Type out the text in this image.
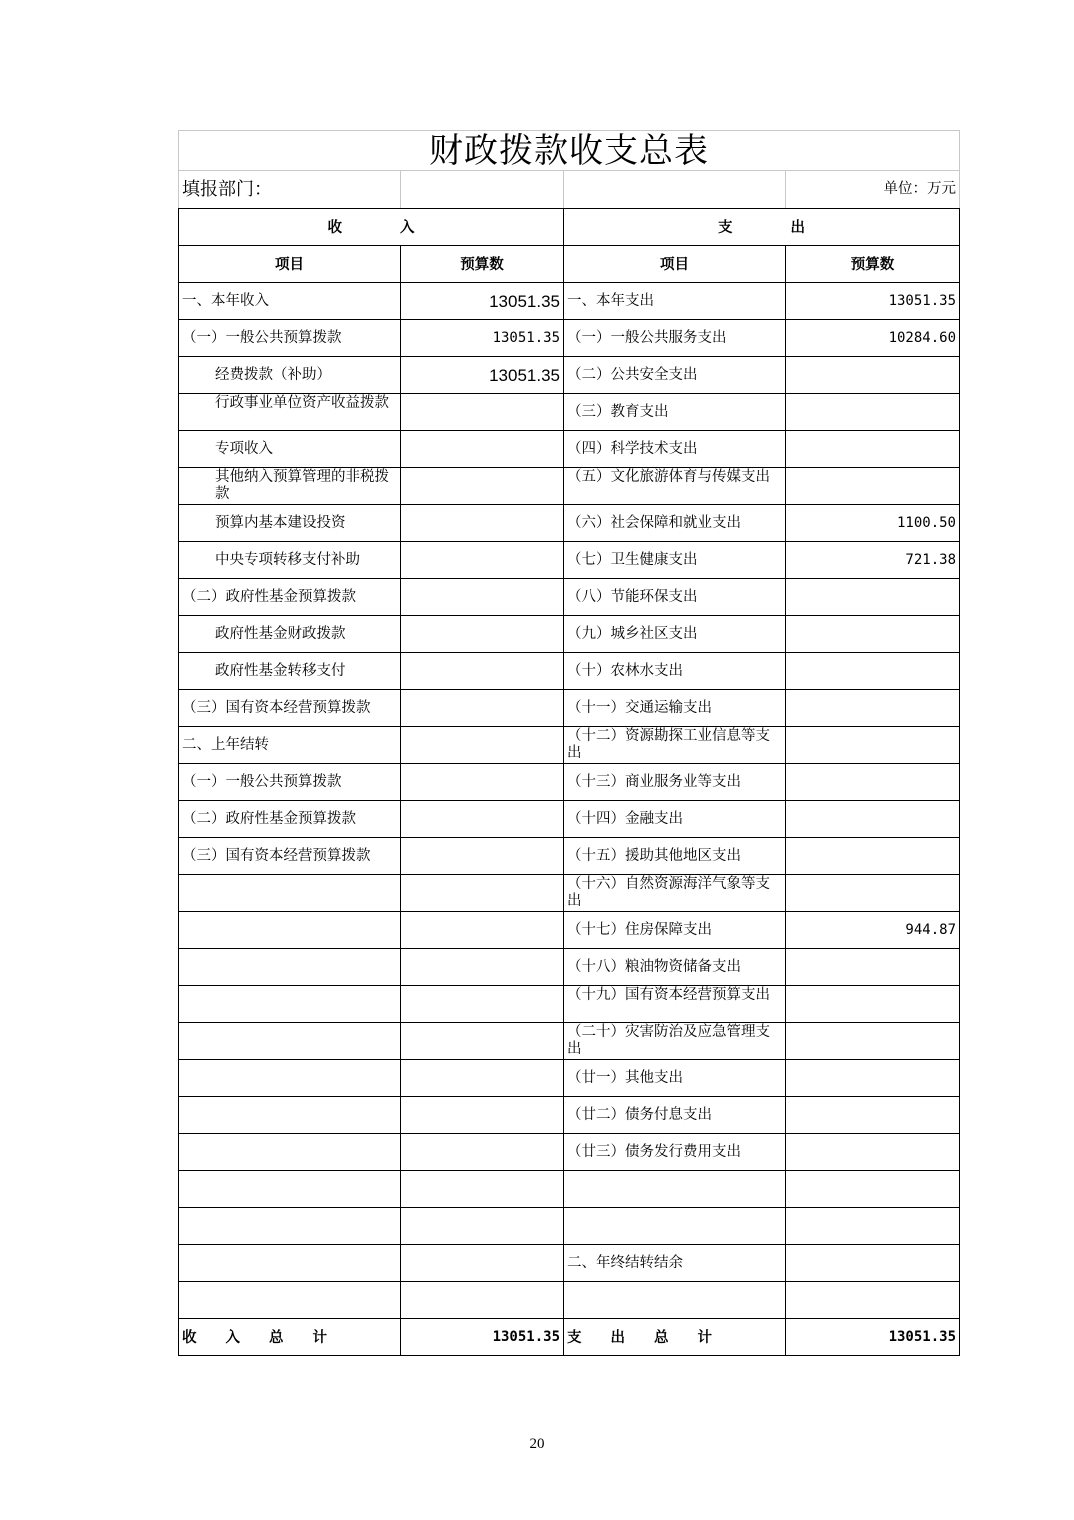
财政拨款收支总表			
填报部门：			单位：万元
收　　　　入		支　　　　出	
项目	预算数	项目	预算数
一、本年收入	13051.35	一、本年支出	13051.35
（一）一般公共预算拨款	13051.35	（一）一般公共服务支出	10284.60
经费拨款（补助）	13051.35	（二）公共安全支出	
行政事业单位资产收益拨款		（三）教育支出	
专项收入		（四）科学技术支出	
其他纳入预算管理的非税拨款		（五）文化旅游体育与传媒支出	
预算内基本建设投资		（六）社会保障和就业支出	1100.50
中央专项转移支付补助		（七）卫生健康支出	721.38
（二）政府性基金预算拨款		（八）节能环保支出	
政府性基金财政拨款		（九）城乡社区支出	
政府性基金转移支付		（十）农林水支出	
（三）国有资本经营预算拨款		（十一）交通运输支出	
二、上年结转		（十二）资源勘探工业信息等支出	
（一）一般公共预算拨款		（十三）商业服务业等支出	
（二）政府性基金预算拨款		（十四）金融支出	
（三）国有资本经营预算拨款		（十五）援助其他地区支出	
		（十六）自然资源海洋气象等支出	
		（十七）住房保障支出	944.87
		（十八）粮油物资储备支出	
		（十九）国有资本经营预算支出	
		（二十）灾害防治及应急管理支出	
		（廿一）其他支出	
		（廿二）债务付息支出	
		（廿三）债务发行费用支出	

		二、年终结转结余	

收　　入　　总　　计	13051.35	支　　出　　总　　计	13051.35
20
